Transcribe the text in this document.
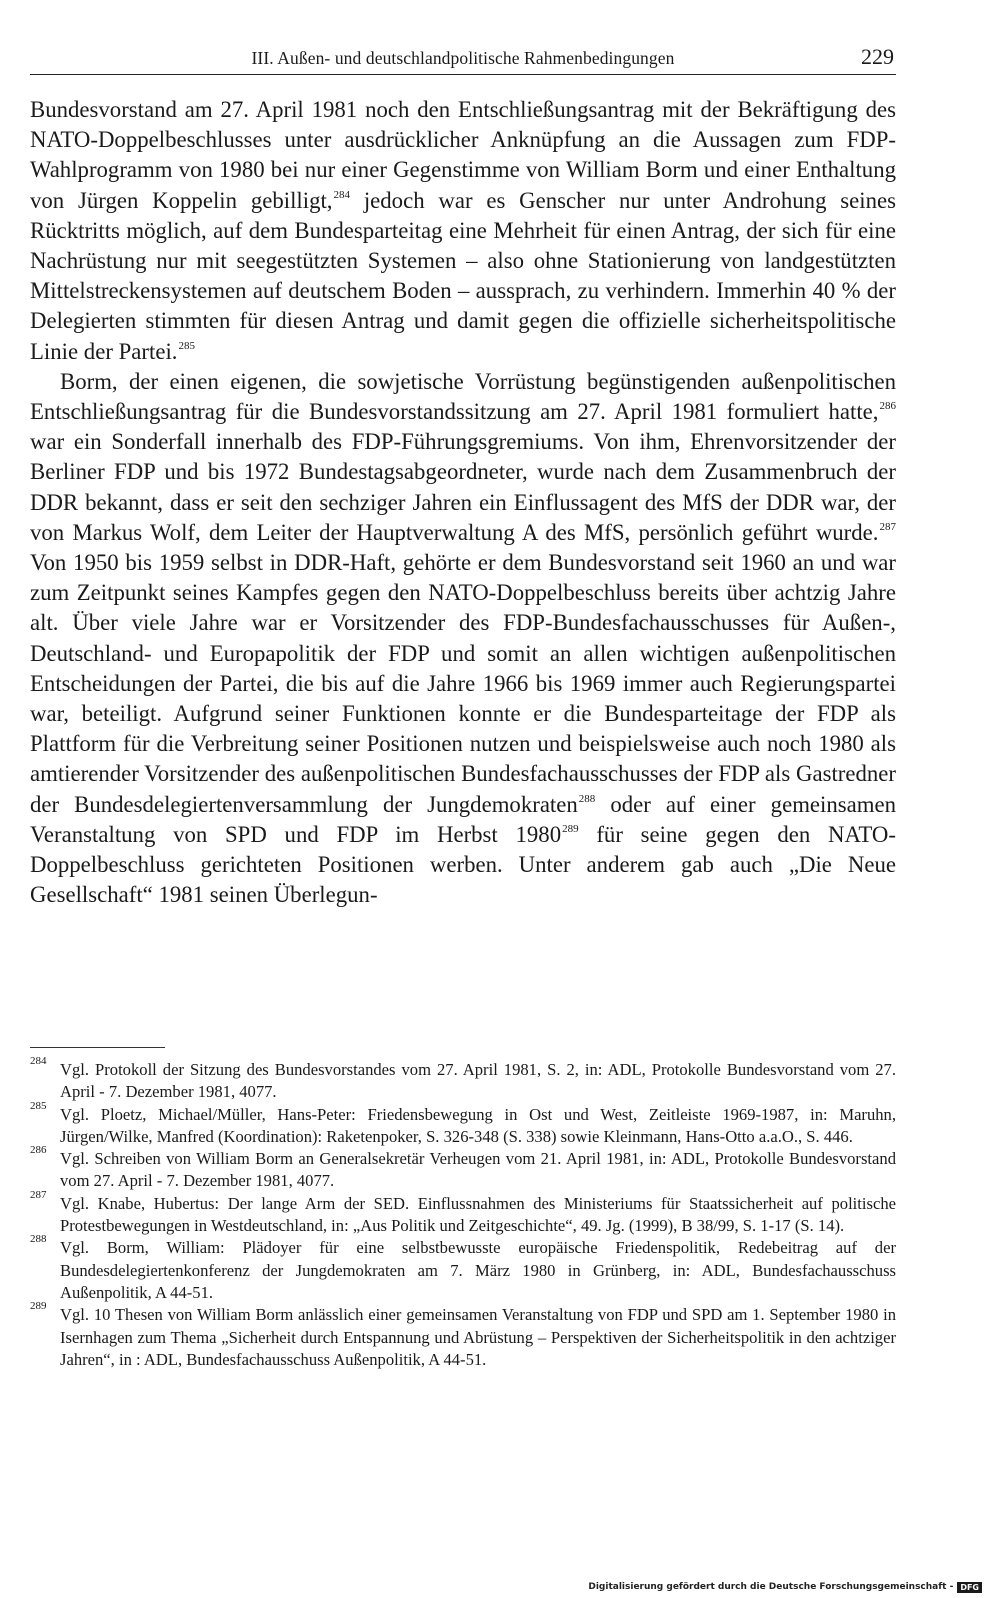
III. Außen- und deutschlandpolitische Rahmenbedingungen	229

Bundesvorstand am 27. April 1981 noch den Entschließungsantrag mit der Bekräftigung des NATO-Doppelbeschlusses unter ausdrücklicher Anknüpfung an die Aussagen zum FDP-Wahlprogramm von 1980 bei nur einer Gegenstimme von William Borm und einer Enthaltung von Jürgen Koppelin gebilligt,$^{284}$ jedoch war es Genscher nur unter Androhung seines Rücktritts möglich, auf dem Bundesparteitag eine Mehrheit für einen Antrag, der sich für eine Nachrüstung nur mit seegestützten Systemen – also ohne Stationierung von landgestützten Mittelstreckensystemen auf deutschem Boden – aussprach, zu verhindern. Immerhin 40 % der Delegierten stimmten für diesen Antrag und damit gegen die offizielle sicherheitspolitische Linie der Partei.$^{285}$

Borm, der einen eigenen, die sowjetische Vorrüstung begünstigenden außenpolitischen Entschließungsantrag für die Bundesvorstandssitzung am 27. April 1981 formuliert hatte,$^{286}$ war ein Sonderfall innerhalb des FDP-Führungsgremiums. Von ihm, Ehrenvorsitzender der Berliner FDP und bis 1972 Bundestagsabgeordneter, wurde nach dem Zusammenbruch der DDR bekannt, dass er seit den sechziger Jahren ein Einflussagent des MfS der DDR war, der von Markus Wolf, dem Leiter der Hauptverwaltung A des MfS, persönlich geführt wurde.$^{287}$ Von 1950 bis 1959 selbst in DDR-Haft, gehörte er dem Bundesvorstand seit 1960 an und war zum Zeitpunkt seines Kampfes gegen den NATO-Doppelbeschluss bereits über achtzig Jahre alt. Über viele Jahre war er Vorsitzender des FDP-Bundesfachausschusses für Außen-, Deutschland- und Europapolitik der FDP und somit an allen wichtigen außenpolitischen Entscheidungen der Partei, die bis auf die Jahre 1966 bis 1969 immer auch Regierungspartei war, beteiligt. Aufgrund seiner Funktionen konnte er die Bundesparteitage der FDP als Plattform für die Verbreitung seiner Positionen nutzen und beispielsweise auch noch 1980 als amtierender Vorsitzender des außenpolitischen Bundesfachausschusses der FDP als Gastredner der Bundesdelegiertenversammlung der Jungdemokraten$^{288}$ oder auf einer gemeinsamen Veranstaltung von SPD und FDP im Herbst 1980$^{289}$ für seine gegen den NATO-Doppelbeschluss gerichteten Positionen werben. Unter anderem gab auch „Die Neue Gesellschaft“ 1981 seinen Überlegun-

284 Vgl. Protokoll der Sitzung des Bundesvorstandes vom 27. April 1981, S. 2, in: ADL, Protokolle Bundesvorstand vom 27. April - 7. Dezember 1981, 4077.
285 Vgl. Ploetz, Michael/Müller, Hans-Peter: Friedensbewegung in Ost und West, Zeitleiste 1969-1987, in: Maruhn, Jürgen/Wilke, Manfred (Koordination): Raketenpoker, S. 326-348 (S. 338) sowie Kleinmann, Hans-Otto a.a.O., S. 446.
286 Vgl. Schreiben von William Borm an Generalsekretär Verheugen vom 21. April 1981, in: ADL, Protokolle Bundesvorstand vom 27. April - 7. Dezember 1981, 4077.
287 Vgl. Knabe, Hubertus: Der lange Arm der SED. Einflussnahmen des Ministeriums für Staatssicherheit auf politische Protestbewegungen in Westdeutschland, in: „Aus Politik und Zeitgeschichte“, 49. Jg. (1999), B 38/99, S. 1-17 (S. 14).
288 Vgl. Borm, William: Plädoyer für eine selbstbewusste europäische Friedenspolitik, Redebeitrag auf der Bundesdelegiertenkonferenz der Jungdemokraten am 7. März 1980 in Grünberg, in: ADL, Bundesfachausschuss Außenpolitik, A 44-51.
289 Vgl. 10 Thesen von William Borm anlässlich einer gemeinsamen Veranstaltung von FDP und SPD am 1. September 1980 in Isernhagen zum Thema „Sicherheit durch Entspannung und Abrüstung – Perspektiven der Sicherheitspolitik in den achtziger Jahren“, in : ADL, Bundesfachausschuss Außenpolitik, A 44-51.
Digitalisierung gefördert durch die Deutsche Forschungsgemeinschaft - DFG
